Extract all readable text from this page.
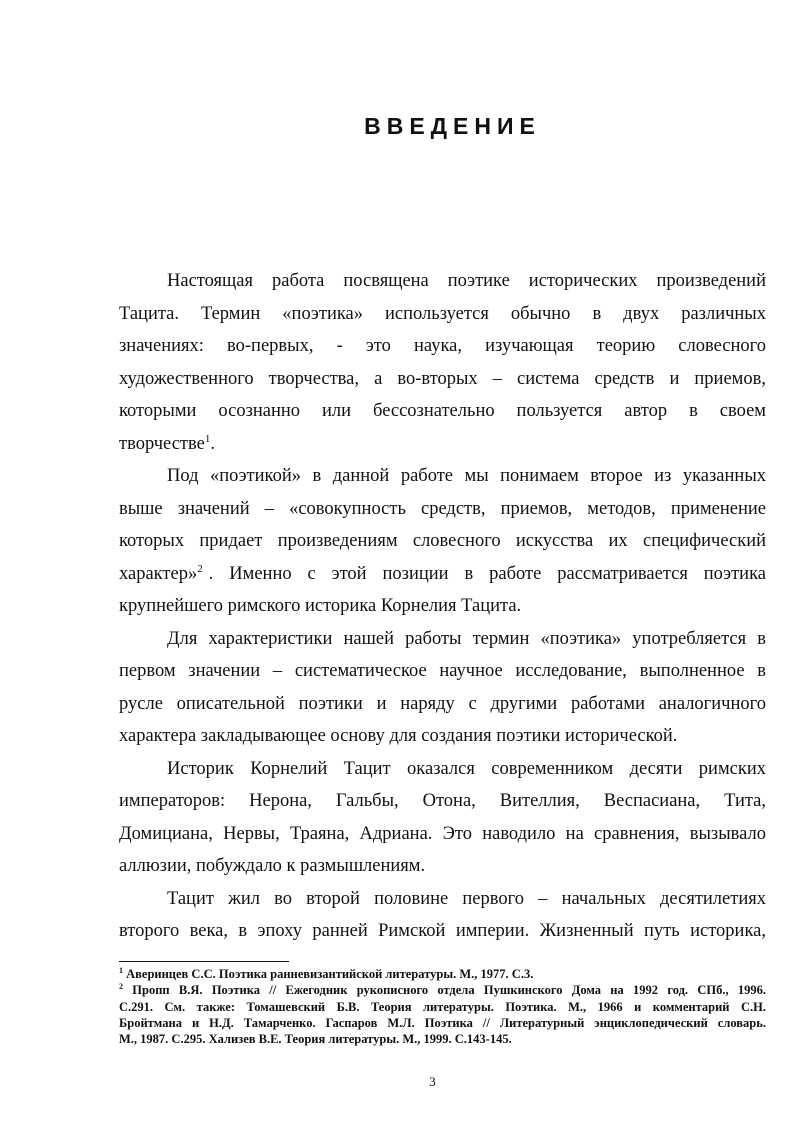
ВВЕДЕНИЕ
Настоящая работа посвящена поэтике исторических произведений
Тацита. Термин «поэтика» используется обычно в двух различных
значениях: во-первых, - это наука, изучающая теорию словесного
художественного творчества, а во-вторых – система средств и приемов,
которыми осознанно или бессознательно пользуется автор в своем
творчестве$^1$.
Под «поэтикой» в данной работе мы понимаем второе из указанных
выше значений – «совокупность средств, приемов, методов, применение
которых придает произведениям словесного искусства их специфический
характер»$^2$ . Именно с этой позиции в работе рассматривается поэтика
крупнейшего римского историка Корнелия Тацита.
Для характеристики нашей работы термин «поэтика» употребляется в
первом значении – систематическое научное исследование, выполненное в
русле описательной поэтики и наряду с другими работами аналогичного
характера закладывающее основу для создания поэтики исторической.
Историк Корнелий Тацит оказался современником десяти римских
императоров: Нерона, Гальбы, Отона, Вителлия, Веспасиана, Тита,
Домициана, Нервы, Траяна, Адриана. Это наводило на сравнения, вызывало
аллюзии, побуждало к размышлениям.
Тацит жил во второй половине первого – начальных десятилетиях
второго века, в эпоху ранней Римской империи. Жизненный путь историка,
$^1$ Аверинцев С.С. Поэтика ранневизантийской литературы. М., 1977. С.3.
$^2$ Пропп В.Я. Поэтика // Ежегодник рукописного отдела Пушкинского Дома на 1992 год. СПб., 1996.
С.291. См. также: Томашевский Б.В. Теория литературы. Поэтика. М., 1966 и комментарий С.Н.
Бройтмана и Н.Д. Тамарченко. Гаспаров М.Л. Поэтика // Литературный энциклопедический словарь.
М., 1987. С.295. Хализев В.Е. Теория литературы. М., 1999. С.143-145.
3
